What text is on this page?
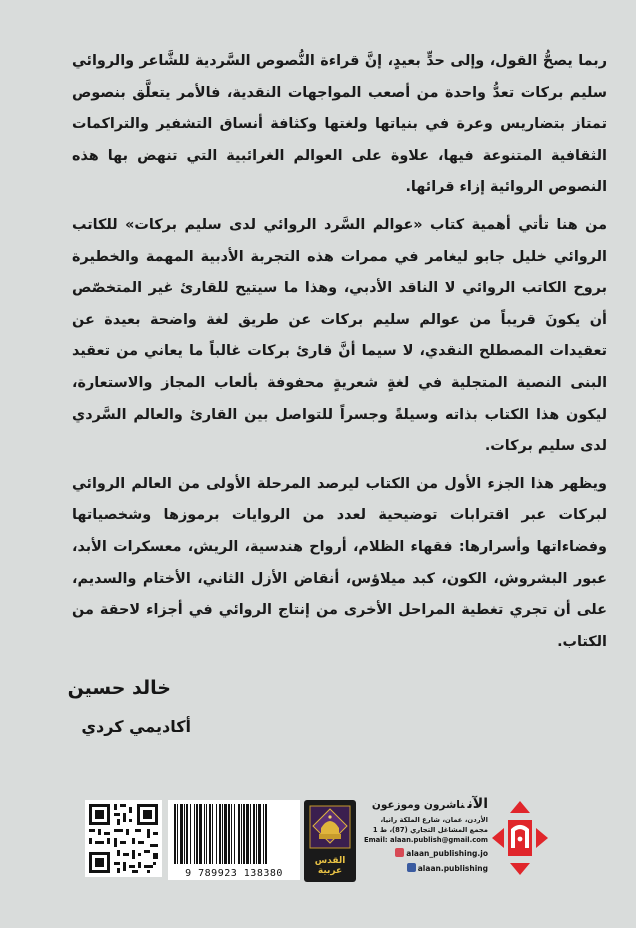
ربما يصحُّ القول، وإلى حدٍّ بعيدٍ، إنَّ قراءة النُّصوص السَّردية للشَّاعر والروائي سليم بركات تعدُّ واحدة من أصعب المواجهات النقدية، فالأمر يتعلَّق بنصوص تمتاز بتضاريس وعرة في بنياتها ولغتها وكثافة أنساق التشفير والتراكمات الثقافية المتنوعة فيها، علاوة على العوالم الغرائبية التي تنهض بها هذه النصوص الروائية إزاء قرائها.

من هنا تأتي أهمية كتاب «عوالم السَّرد الروائي لدى سليم بركات» للكاتب الروائي خليل جابو ليغامر في ممرات هذه التجربة الأدبية المهمة والخطيرة بروح الكاتب الروائي لا الناقد الأدبي، وهذا ما سيتيح للقارئ غير المتخصّص أن يكونَ قريباً من عوالم سليم بركات عن طريق لغة واضحة بعيدة عن تعقيدات المصطلح النقدي، لا سيما أنَّ قارئ بركات غالباً ما يعاني من تعقيد البنى النصية المتجلية في لغةٍ شعريةٍ محفوفة بألعاب المجاز والاستعارة، ليكون هذا الكتاب بذاته وسيلةً وجسراً للتواصل بين القارئ والعالم السَّردي لدى سليم بركات.

ويظهر هذا الجزء الأول من الكتاب ليرصد المرحلة الأولى من العالم الروائي لبركات عبر اقترابات توضيحية لعدد من الروايات برموزها وشخصياتها وفضاءاتها وأسرارها: فقهاء الظلام، أرواح هندسية، الريش، معسكرات الأبد، عبور البشروش، الكون، كبد ميلاؤس، أنقاض الأزل الثاني، الأختام والسديم، على أن تجري تغطية المراحل الأخرى من إنتاج الروائي في أجزاء لاحقة من الكتاب.

خالد حسين
أكاديمي كردي
9 789923 138380
القدس
عربية
الآنناشرون وموزعون
الأردن، عمان، شارع الملكة رانيا،
مجمع المشاغل التجاري (87)، ط 1
Email: alaan.publish@gmail.com
alaan_publishing.jo
alaan.publishing
